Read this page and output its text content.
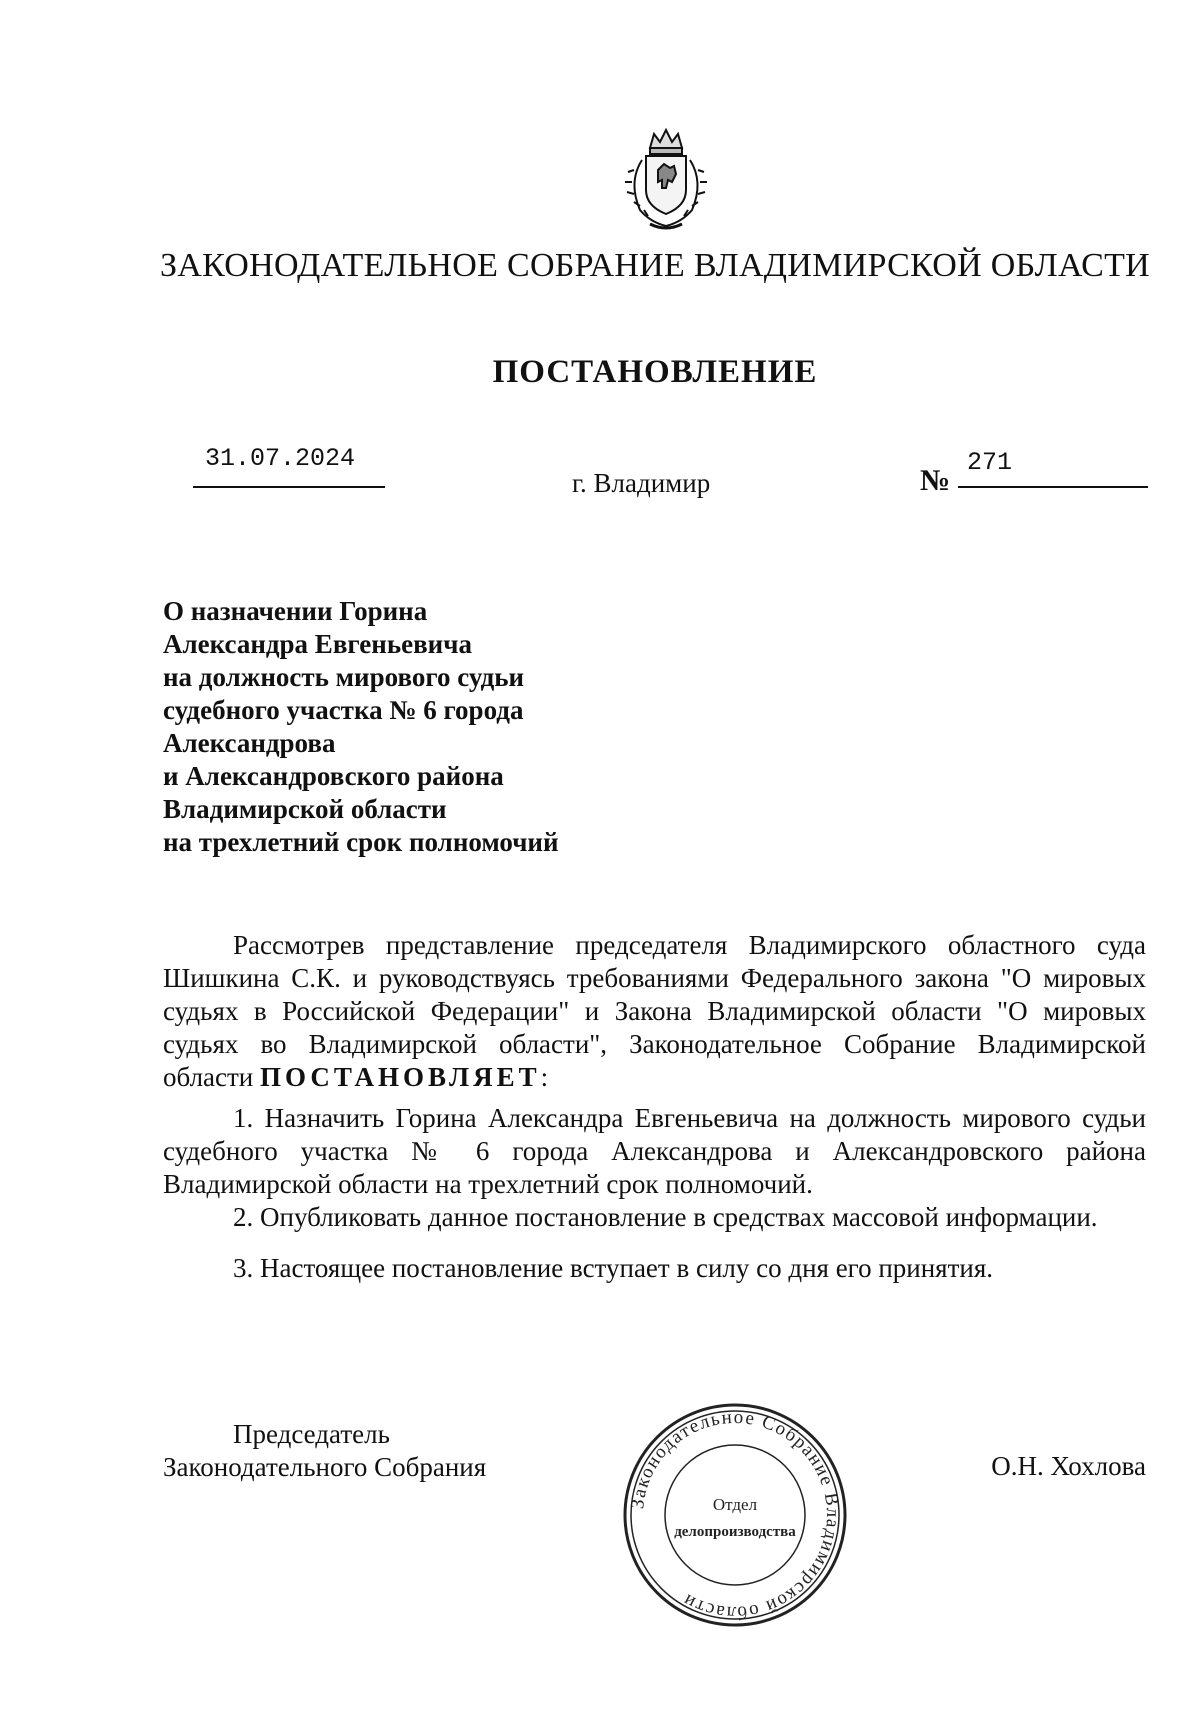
ЗАКОНОДАТЕЛЬНОЕ СОБРАНИЕ ВЛАДИМИРСКОЙ ОБЛАСТИ
ПОСТАНОВЛЕНИЕ
31.07.2024
г. Владимир	№
271
О назначении Горина
Александра Евгеньевича
на должность мирового судьи
судебного участка № 6 города
Александрова
и Александровского района
Владимирской области
на трехлетний срок полномочий

Рассмотрев представление председателя Владимирского областного суда Шишкина С.К. и руководствуясь требованиями Федерального закона "О мировых судьях в Российской Федерации" и Закона Владимирской области "О мировых судьях во Владимирской области", Законодательное Собрание Владимирской области ПОСТАНОВЛЯЕТ:

1. Назначить Горина Александра Евгеньевича на должность мирового судьи судебного участка № 6 города Александрова и Александровского района Владимирской области на трехлетний срок полномочий.

2. Опубликовать данное постановление в средствах массовой информации.

3. Настоящее постановление вступает в силу со дня его принятия.

Председатель
Законодательного Собрания	О.Н. Хохлова
Законодательное Собрание Владимирской области
Отдел
делопроизводства
